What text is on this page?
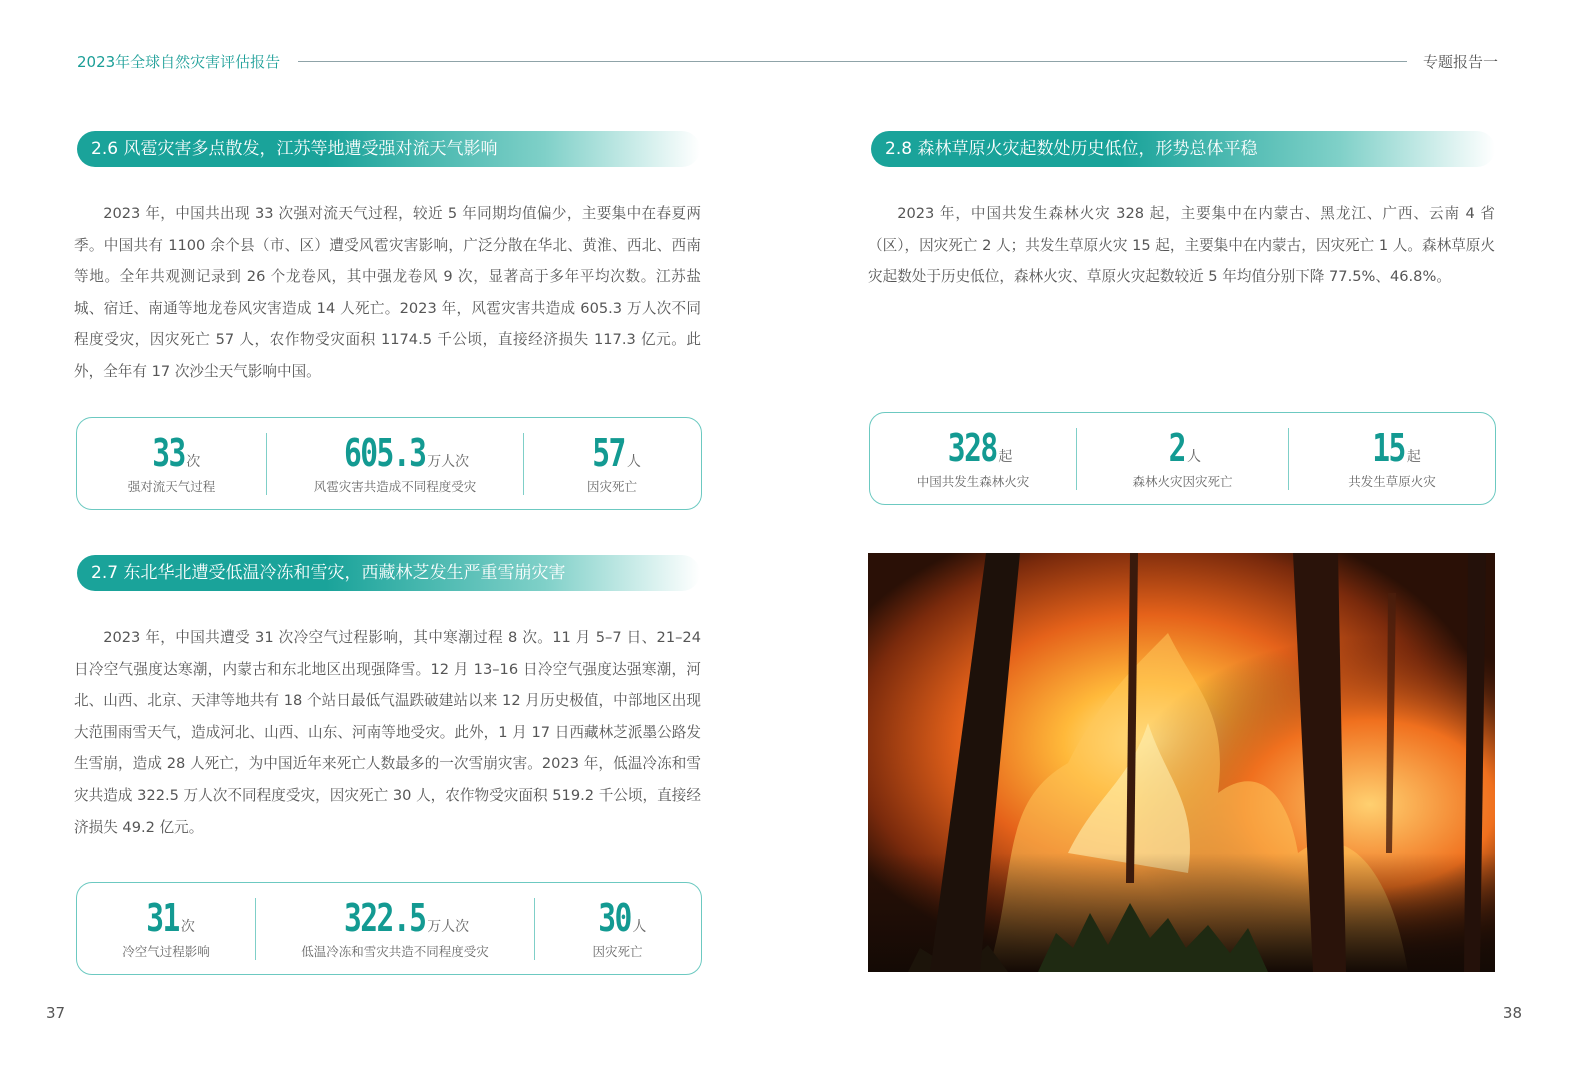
2023年全球自然灾害评估报告	专题报告一
2.6 风雹灾害多点散发，江苏等地遭受强对流天气影响

2023 年，中国共出现 33 次强对流天气过程，较近 5 年同期均值偏少，主要集中在春夏两季。中国共有 1100 余个县（市、区）遭受风雹灾害影响，广泛分散在华北、黄淮、西北、西南等地。全年共观测记录到 26 个龙卷风，其中强龙卷风 9 次，显著高于多年平均次数。江苏盐城、宿迁、南通等地龙卷风灾害造成 14 人死亡。2023 年，风雹灾害共造成 605.3 万人次不同程度受灾，因灾死亡 57 人，农作物受灾面积 1174.5 千公顷，直接经济损失 117.3 亿元。此外，全年有 17 次沙尘天气影响中国。

33 次
强对流天气过程
605.3 万人次
风雹灾害共造成不同程度受灾
57 人
因灾死亡
2.7 东北华北遭受低温冷冻和雪灾，西藏林芝发生严重雪崩灾害

2023 年，中国共遭受 31 次冷空气过程影响，其中寒潮过程 8 次。11 月 5–7 日、21–24 日冷空气强度达寒潮，内蒙古和东北地区出现强降雪。12 月 13–16 日冷空气强度达强寒潮，河北、山西、北京、天津等地共有 18 个站日最低气温跌破建站以来 12 月历史极值，中部地区出现大范围雨雪天气，造成河北、山西、山东、河南等地受灾。此外，1 月 17 日西藏林芝派墨公路发生雪崩，造成 28 人死亡，为中国近年来死亡人数最多的一次雪崩灾害。2023 年，低温冷冻和雪灾共造成 322.5 万人次不同程度受灾，因灾死亡 30 人，农作物受灾面积 519.2 千公顷，直接经济损失 49.2 亿元。

31 次
冷空气过程影响
322.5 万人次
低温冷冻和雪灾共造不同程度受灾
30 人
因灾死亡
2.8 森林草原火灾起数处历史低位，形势总体平稳

2023 年，中国共发生森林火灾 328 起，主要集中在内蒙古、黑龙江、广西、云南 4 省（区），因灾死亡 2 人；共发生草原火灾 15 起，主要集中在内蒙古，因灾死亡 1 人。森林草原火灾起数处于历史低位，森林火灾、草原火灾起数较近 5 年均值分别下降 77.5%、46.8%。

328 起
中国共发生森林火灾
2 人
森林火灾因灾死亡
15 起
共发生草原火灾
37	38
